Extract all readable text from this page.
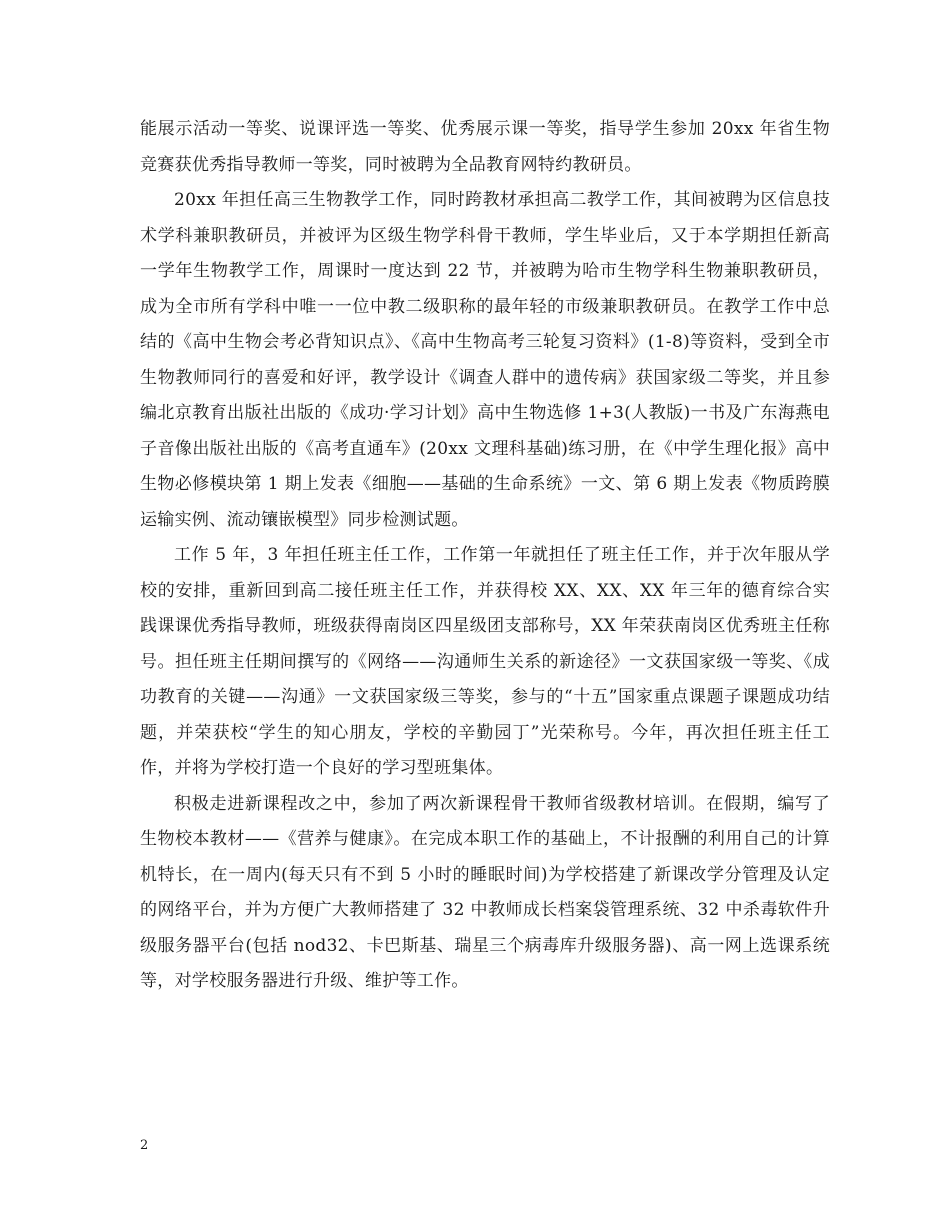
能展示活动一等奖、说课评选一等奖、优秀展示课一等奖，指导学生参加 20xx 年省生物竞赛获优秀指导教师一等奖，同时被聘为全品教育网特约教研员。

20xx 年担任高三生物教学工作，同时跨教材承担高二教学工作，其间被聘为区信息技术学科兼职教研员，并被评为区级生物学科骨干教师，学生毕业后，又于本学期担任新高一学年生物教学工作，周课时一度达到 22 节，并被聘为哈市生物学科生物兼职教研员，成为全市所有学科中唯一一位中教二级职称的最年轻的市级兼职教研员。在教学工作中总结的《高中生物会考必背知识点》、《高中生物高考三轮复习资料》(1-8)等资料，受到全市生物教师同行的喜爱和好评，教学设计《调查人群中的遗传病》获国家级二等奖，并且参编北京教育出版社出版的《成功·学习计划》高中生物选修 1+3(人教版)一书及广东海燕电子音像出版社出版的《高考直通车》(20xx 文理科基础)练习册，在《中学生理化报》高中生物必修模块第 1 期上发表《细胞——基础的生命系统》一文、第 6 期上发表《物质跨膜运输实例、流动镶嵌模型》同步检测试题。

工作 5 年，3 年担任班主任工作，工作第一年就担任了班主任工作，并于次年服从学校的安排，重新回到高二接任班主任工作，并获得校 XX、XX、XX 年三年的德育综合实践课课优秀指导教师，班级获得南岗区四星级团支部称号，XX 年荣获南岗区优秀班主任称号。担任班主任期间撰写的《网络——沟通师生关系的新途径》一文获国家级一等奖、《成功教育的关键——沟通》一文获国家级三等奖，参与的“十五”国家重点课题子课题成功结题，并荣获校“学生的知心朋友，学校的辛勤园丁”光荣称号。今年，再次担任班主任工作，并将为学校打造一个良好的学习型班集体。

积极走进新课程改之中，参加了两次新课程骨干教师省级教材培训。在假期，编写了生物校本教材——《营养与健康》。在完成本职工作的基础上，不计报酬的利用自己的计算机特长，在一周内(每天只有不到 5 小时的睡眠时间)为学校搭建了新课改学分管理及认定的网络平台，并为方便广大教师搭建了 32 中教师成长档案袋管理系统、32 中杀毒软件升级服务器平台(包括 nod32、卡巴斯基、瑞星三个病毒库升级服务器)、高一网上选课系统等，对学校服务器进行升级、维护等工作。

2
